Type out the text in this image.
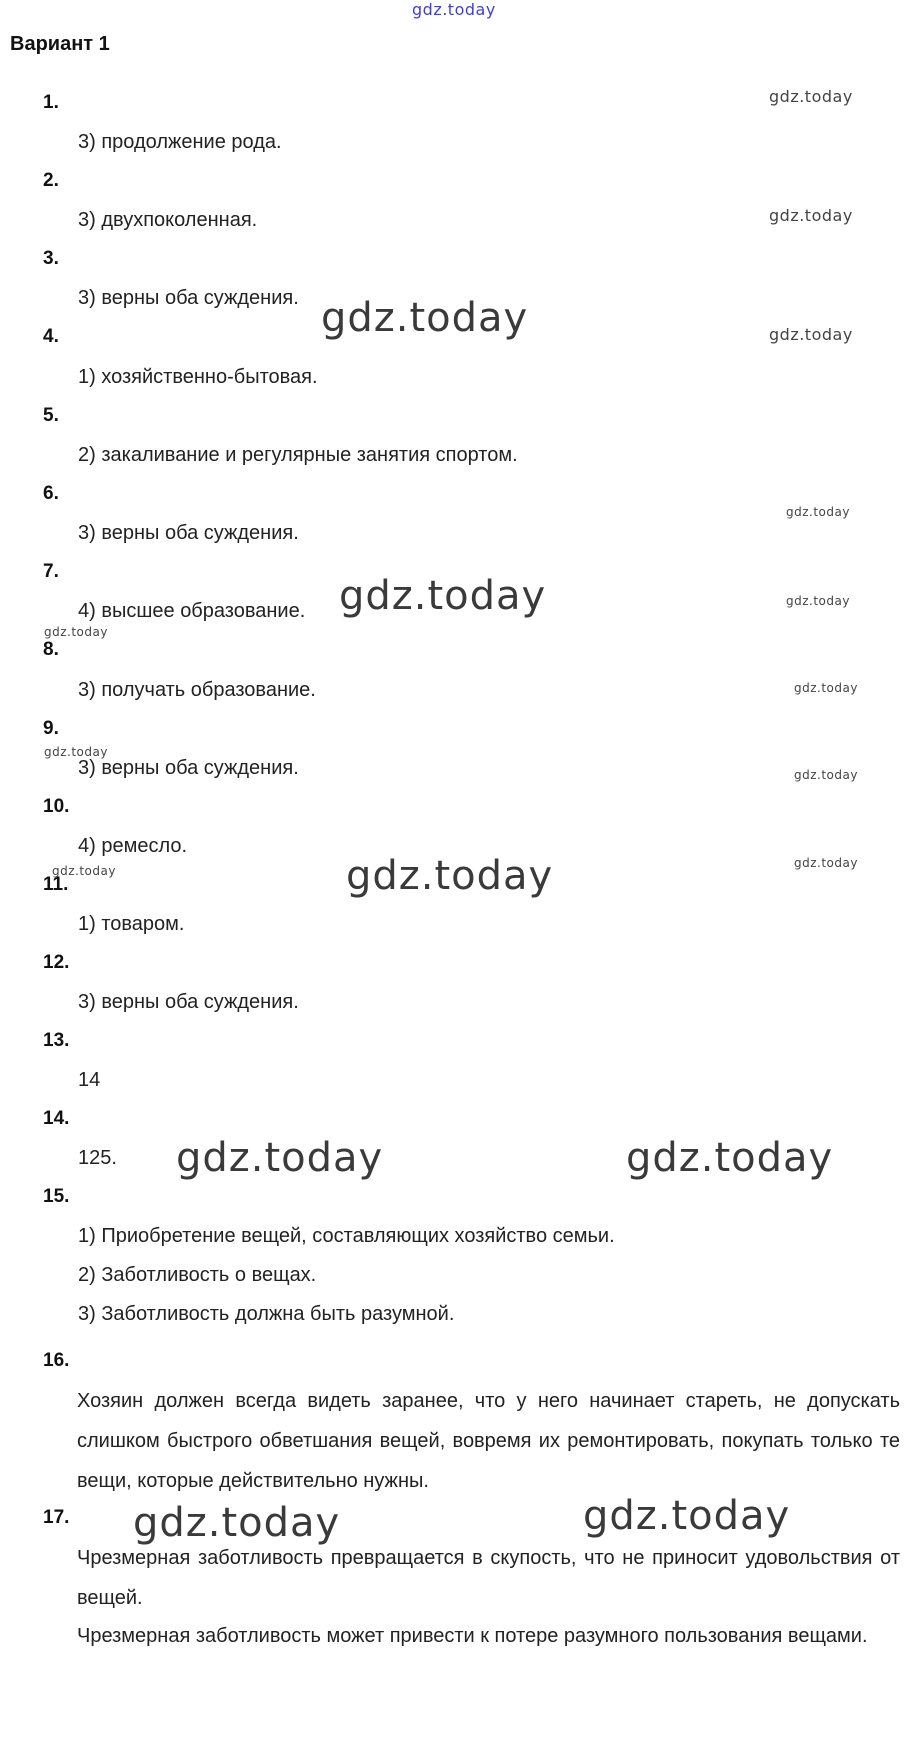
gdz.today
Вариант 1
1.
3) продолжение рода.
2.
3) двухпоколенная.
3.
3) верны оба суждения.
4.
1) хозяйственно-бытовая.
5.
2) закаливание и регулярные занятия спортом.
6.
3) верны оба суждения.
7.
4) высшее образование.
8.
3) получать образование.
9.
3) верны оба суждения.
10.
4) ремесло.
11.
1) товаром.
12.
3) верны оба суждения.
13.
14
14.
125.
15.
1) Приобретение вещей, составляющих хозяйство семьи.
2) Заботливость о вещах.
3) Заботливость должна быть разумной.
16.
Хозяин должен всегда видеть заранее, что у него начинает стареть, не допускать слишком быстрого обветшания вещей, вовремя их ремонтировать, покупать только те вещи, которые действительно нужны.
17.
Чрезмерная заботливость превращается в скупость, что не приносит удовольствия от вещей.
Чрезмерная заботливость может привести к потере разумного пользования вещами.
gdz.today
gdz.today
gdz.today	gdz.today
gdz.today
gdz.today	gdz.today
gdz.today
gdz.today
gdz.today
gdz.today
gdz.today
gdz.today	gdz.today
gdz.today	gdz.today
gdz.today	gdz.today
